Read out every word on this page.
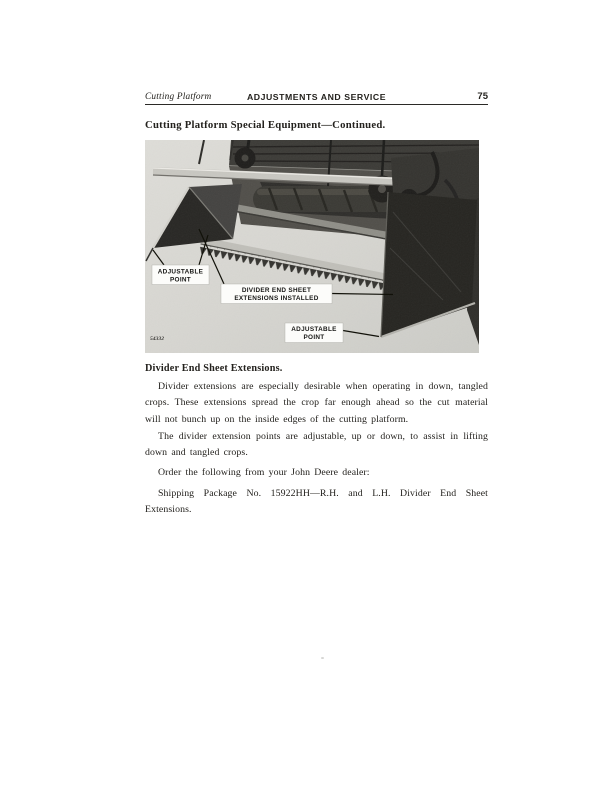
Cutting Platform	ADJUSTMENTS AND SERVICE	75
Cutting Platform Special Equipment—Continued.
ADJUSTABLE
POINT
DIVIDER END SHEET
EXTENSIONS INSTALLED
ADJUSTABLE
POINT
54332
Divider End Sheet Extensions.

Divider extensions are especially desirable when operating in down, tangled crops. These extensions spread the crop far enough ahead so the cut material will not bunch up on the inside edges of the cutting platform.

The divider extension points are adjustable, up or down, to assist in lifting down and tangled crops.

Order the following from your John Deere dealer:

Shipping Package No. 15922HH—R.H. and L.H. Divider End Sheet Extensions.
